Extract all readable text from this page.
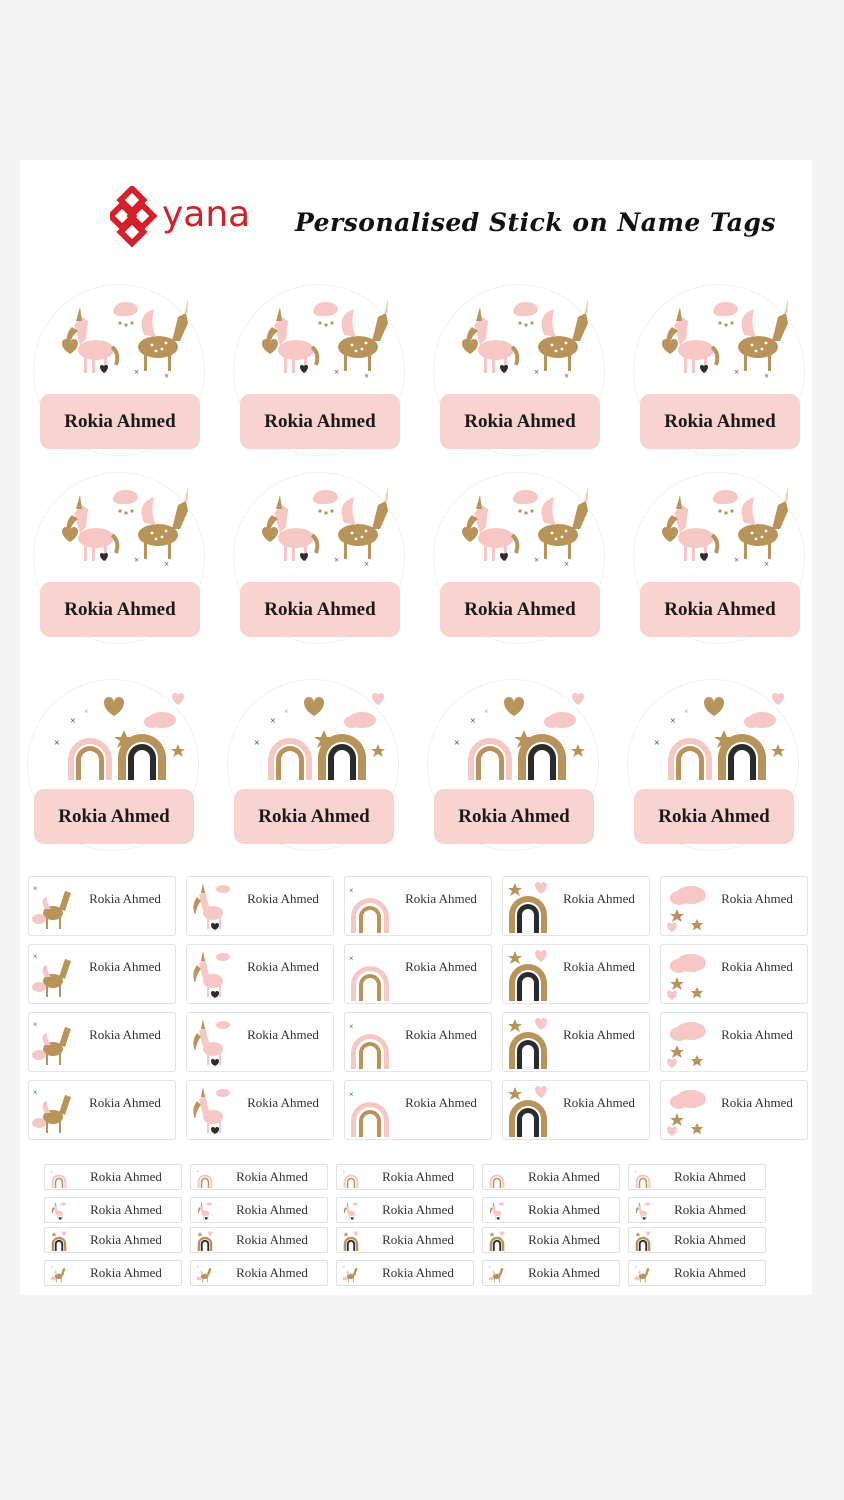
yana Personalised Stick on Name Tags
Rokia Ahmed	Rokia Ahmed	Rokia Ahmed	Rokia Ahmed
Rokia Ahmed	Rokia Ahmed	Rokia Ahmed	Rokia Ahmed
Rokia Ahmed	Rokia Ahmed	Rokia Ahmed	Rokia Ahmed
Rokia Ahmed	Rokia Ahmed	Rokia Ahmed	Rokia Ahmed	Rokia Ahmed
Rokia Ahmed	Rokia Ahmed	Rokia Ahmed	Rokia Ahmed	Rokia Ahmed
Rokia Ahmed	Rokia Ahmed	Rokia Ahmed	Rokia Ahmed	Rokia Ahmed
Rokia Ahmed	Rokia Ahmed	Rokia Ahmed	Rokia Ahmed	Rokia Ahmed
Rokia Ahmed	Rokia Ahmed	Rokia Ahmed	Rokia Ahmed	Rokia Ahmed
Rokia Ahmed	Rokia Ahmed	Rokia Ahmed	Rokia Ahmed	Rokia Ahmed
Rokia Ahmed	Rokia Ahmed	Rokia Ahmed	Rokia Ahmed	Rokia Ahmed
Rokia Ahmed	Rokia Ahmed	Rokia Ahmed	Rokia Ahmed	Rokia Ahmed
